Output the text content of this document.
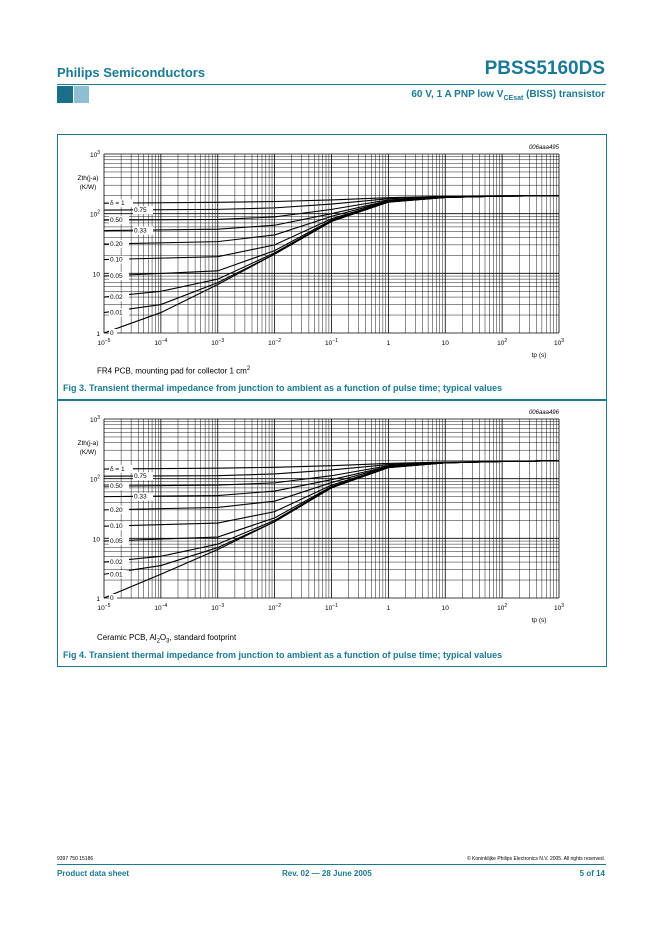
Philips Semiconductors	PBSS5160DS
60 V, 1 A PNP low $V_{CEsat}$ (BISS) transistor
$10^{-5}$	$10^{-4}$	$10^{-3}$	$10^{-2}$	$10^{-1}$	1	10	$10^2$	$10^3$
$10^3$
$10^2$
10
1
Zth(j-a)
(K/W)
tp (s)
006aaa495
δ = 1
0.75
0.50
0.33
0.20
0.10
0.05
0.02
0.01
0
FR4 PCB, mounting pad for collector 1 $cm^2$
Fig 3. Transient thermal impedance from junction to ambient as a function of pulse time; typical values
$10^{-5}$	$10^{-4}$	$10^{-3}$	$10^{-2}$	$10^{-1}$	1	10	$10^2$	$10^3$
$10^3$
$10^2$
10
1
Zth(j-a)
(K/W)
tp (s)
006aaa496
δ = 1
0.75
0.50
0.33
0.20
0.10
0.05
0.02
0.01
0
Ceramic PCB, $Al_2O_3$, standard footprint
Fig 4. Transient thermal impedance from junction to ambient as a function of pulse time; typical values
9397 750 15186	© Koninklijke Philips Electronics N.V. 2005. All rights reserved.
Product data sheet	Rev. 02 — 28 June 2005	5 of 14
